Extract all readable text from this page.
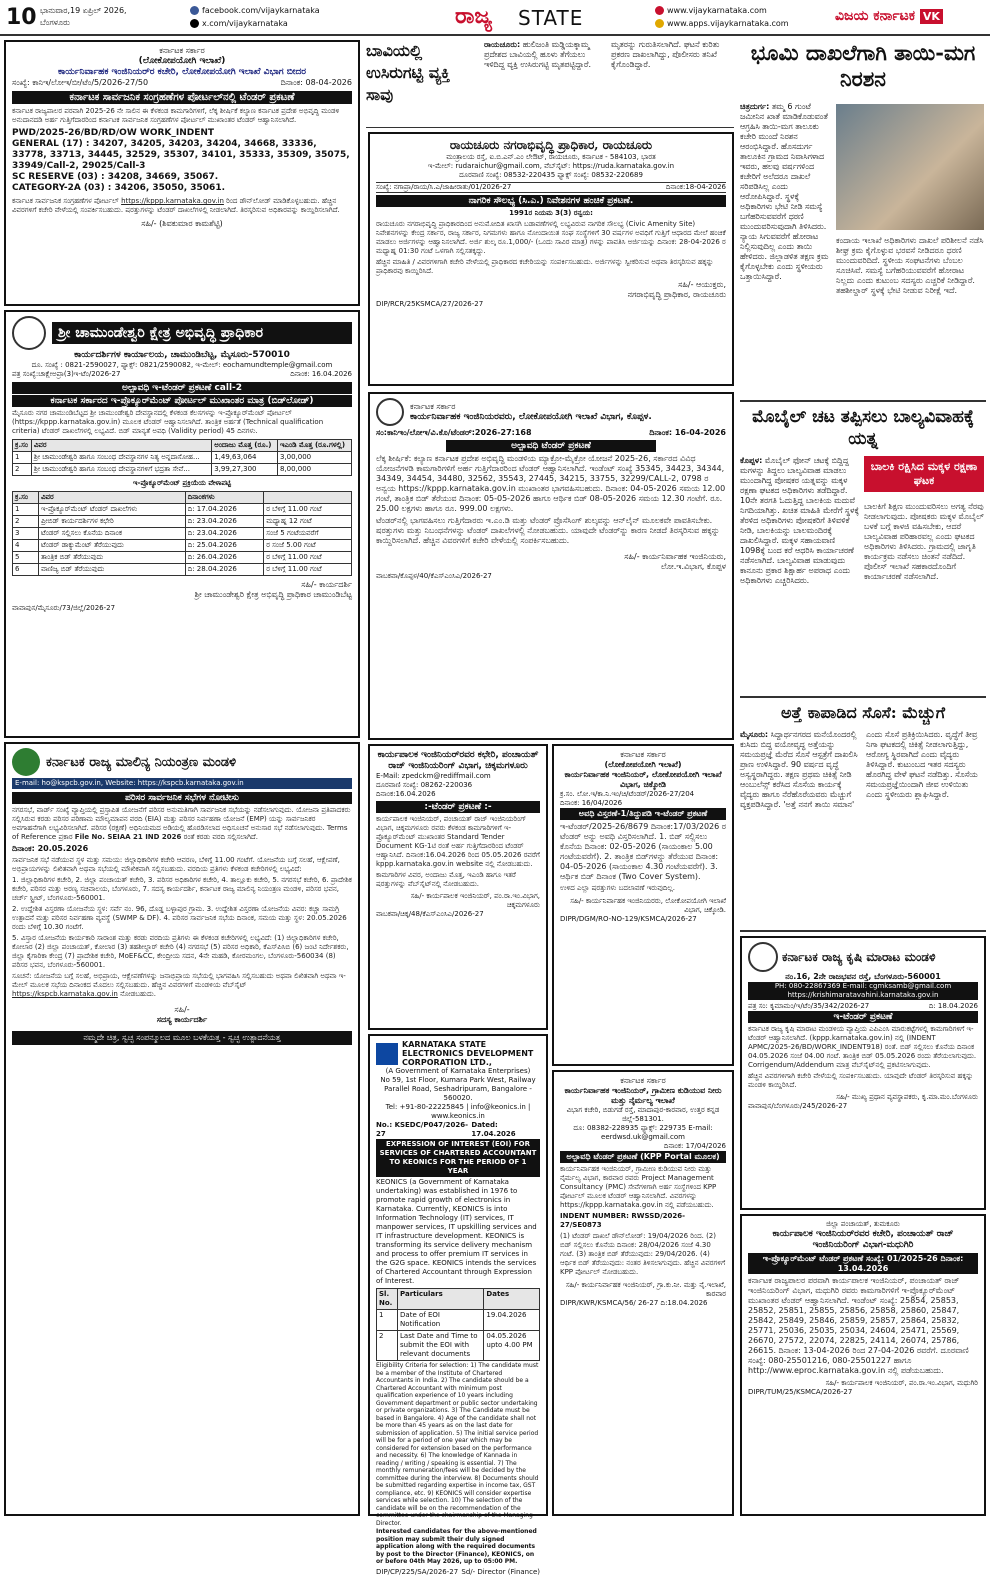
10 ಭಾನುವಾರ,19 ಏಪ್ರಿಲ್ 2026,
ಬೆಂಗಳೂರು
facebook.com/vijaykarnataka
x.com/vijaykarnataka	ರಾಜ್ಯ STATE	www.vijaykarnataka.com
www.apps.vijaykarnataka.com	ವಿಜಯ ಕರ್ನಾಟಕ VK
ಕರ್ನಾಟಕ ಸರ್ಕಾರ
(ಲೋಕೋಪಯೋಗಿ ಇಲಾಖೆ)
ಕಾರ್ಯನಿರ್ವಾಹಕ ಇಂಜಿನಿಯರ್‌ರ ಕಚೇರಿ, ಲೋಕೋಪಯೋಗಿ ಇಲಾಖೆ ವಿಭಾಗ ಬೀದರ
ಸಂಖ್ಯೆ: ಕಾನಿಇ/ಲೋಇ/ಬೀ/ಟೆಂ/5/2026-27/50	ದಿನಾಂಕ: 08-04-2026
ಕರ್ನಾಟಕ ಸಾರ್ವಜನಿಕ ಸಂಗ್ರಹಣೆಗಳ ಪೋರ್ಟಲ್‌ನಲ್ಲಿ ಟೆಂಡರ್ ಪ್ರಕಟಣೆ
ಕರ್ನಾಟಕ ರಾಜ್ಯಪಾಲರ ಪರವಾಗಿ 2025-26 ನೇ ಸಾಲಿನ ಈ ಕೆಳಕಂಡ ಕಾಮಗಾರಿಗಳಿಗೆ, ಲೆಕ್ಕ ಶೀರ್ಷಿಕೆ ಕಲ್ಯಾಣ ಕರ್ನಾಟಕ ಪ್ರದೇಶ ಅಭಿವೃದ್ಧಿ ಮಂಡಳಿ ಅನುದಾನದಡಿ ಅರ್ಹ ಗುತ್ತಿಗೆದಾರರಿಂದ ಕರ್ನಾಟಕ ಸಾರ್ವಜನಿಕ ಸಂಗ್ರಹಣೆಗಳ ಪೋರ್ಟಲ್ ಮುಖಾಂತರ ಟೆಂಡರ್ ಆಹ್ವಾನಿಸಲಾಗಿದೆ.
PWD/2025-26/BD/RD/OW WORK_INDENT
GENERAL (17) : 34207, 34205, 34203, 34204, 34668, 33336, 33778, 33713, 34445, 32529, 35307, 34101, 35333, 35309, 35075, 33949/Call-2, 29025/Call-3
SC RESERVE (03) : 34208, 34669, 35067.
CATEGORY-2A (03) : 34206, 35050, 35061.
ಕರ್ನಾಟಕ ಸಾರ್ವಜನಿಕ ಸಂಗ್ರಹಣೆಗಳ ಪೋರ್ಟಲ್ https://kppp.karnataka.gov.in ರಿಂದ ಡೌನ್‌ಲೋಡ್ ಮಾಡಿಕೊಳ್ಳಬಹುದು. ಹೆಚ್ಚಿನ ವಿವರಗಳಿಗೆ ಕಚೇರಿ ವೇಳೆಯಲ್ಲಿ ಸಂಪರ್ಕಿಸಬಹುದು. ಷರತ್ತುಗಳನ್ನು ಟೆಂಡರ್ ದಾಖಲೆಗಳಲ್ಲಿ ನೀಡಲಾಗಿದೆ. ತಿರಸ್ಕರಿಸುವ ಅಧಿಕಾರವನ್ನು ಕಾಯ್ದಿರಿಸಲಾಗಿದೆ.
ಸಹಿ/- (ಶಿವಕುಮಾರ ಕಾಮಶೆಟ್ಟಿ)
ಶ್ರೀ ಚಾಮುಂಡೇಶ್ವರಿ ಕ್ಷೇತ್ರ ಅಭಿವೃದ್ಧಿ ಪ್ರಾಧಿಕಾರ
ಕಾರ್ಯದರ್ಶಿಗಳ ಕಾರ್ಯಾಲಯ, ಚಾಮುಂಡಿಬೆಟ್ಟ, ಮೈಸೂರು-570010
ದೂ. ಸಂಖ್ಯೆ : 0821-2590027, ಫ್ಯಾಕ್ಸ್: 0821/2590082, ಇ-ಮೇಲ್: eochamundtemple@gmail.com
ಪತ್ರ ಸಂಖ್ಯೆ:ಚಾಕ್ಷೇಅಪ್ರಾ(3)ಇ-ಟೆಂ/2026-27	ದಿನಾಂಕ: 16.04.2026
ಅಲ್ಪಾವಧಿ ಇ-ಟೆಂಡರ್ ಪ್ರಕಟಣೆ call-2
ಕರ್ನಾಟಕ ಸರ್ಕಾರದ ಇ-ಪ್ರೊಕ್ಯೂರ್‌ಮೆಂಟ್ ಪೋರ್ಟಲ್ ಮುಖಾಂತರ ಮಾತ್ರ (ಬಿಡ್‌ಲೋಡ್)
ಮೈಸೂರು ನಗರ ಚಾಮುಂಡಿಬೆಟ್ಟದ ಶ್ರೀ ಚಾಮುಂಡೇಶ್ವರಿ ದೇವಸ್ಥಾನದಲ್ಲಿ ಕೆಳಕಂಡ ಕೆಲಸಗಳನ್ನು ಇ-ಪ್ರೊಕ್ಯೂರ್‌ಮೆಂಟ್ ಪೋರ್ಟಲ್ (https://kppp.karnataka.gov.in) ಮೂಲಕ ಟೆಂಡರ್ ಆಹ್ವಾನಿಸಲಾಗಿದೆ. ತಾಂತ್ರಿಕ ಅರ್ಹತೆ (Technical qualification criteria) ಟೆಂಡರ್ ದಾಖಲೆಗಳಲ್ಲಿ ಲಭ್ಯವಿದೆ. ಬಿಡ್ ಮಾನ್ಯತೆ ಅವಧಿ (Validity period) 45 ದಿನಗಳು.
ಕ್ರ.ಸಂ	ವಿವರ	ಅಂದಾಜು ಮೊತ್ತ (ರೂ.)	ಇಎಂಡಿ ಮೊತ್ತ (ರೂ.ಗಳಲ್ಲಿ)
1	ಶ್ರೀ ಚಾಮುಂಡೇಶ್ವರಿ ಹಾಗೂ ಸಂಬಂಧ ದೇವಸ್ಥಾನಗಳ ನಿತ್ಯ ಅನ್ನದಾಸೋಹ...	1,49,63,064	3,00,000
2	ಶ್ರೀ ಚಾಮುಂಡೇಶ್ವರಿ ಹಾಗೂ ಸಂಬಂಧ ದೇವಸ್ಥಾನಗಳಿಗೆ ಭದ್ರತಾ ಸೇವೆ...	3,99,27,300	8,00,000
ಇ-ಪ್ರೊಕ್ಯೂರ್‌ಮೆಂಟ್ ಪ್ರಕ್ರಿಯೆಯ ವೇಳಾಪಟ್ಟಿ
ಕ್ರ.ಸಂ	ವಿವರ	ದಿನಾಂಕಗಳು	
1	ಇ-ಪ್ರೊಕ್ಯೂರ್‌ಮೆಂಟ್ ಟೆಂಡರ್ ದಾಖಲೆಗಳು	ದಿ: 17.04.2026	ರ ಬೆಳಿಗ್ಗೆ 11.00 ಗಂಟೆ
2	ಪ್ರೀಬಿಡ್ ಕಾರ್ಯದರ್ಶಿಗಳ ಕಛೇರಿ	ದಿ: 23.04.2026	ಮಧ್ಯಾಹ್ನ 12 ಗಂಟೆ
3	ಟೆಂಡರ್ ಸಲ್ಲಿಸಲು ಕೊನೆಯ ದಿನಾಂಕ	ದಿ: 23.04.2026	ಸಂಜೆ 5 ಗಂಟೆಯವರೆಗೆ
4	ಟೆಂಡರ್ ಡಾಕ್ಯುಮೆಂಟ್ ತೆರೆಯುವುದು	ದಿ: 25.04.2026	ರ ಸಂಜೆ 5.00 ಗಂಟೆ
5	ತಾಂತ್ರಿಕ ಬಿಡ್ ತೆರೆಯುವುದು	ದಿ: 26.04.2026	ರ ಬೆಳಿಗ್ಗೆ 11.00 ಗಂಟೆ
6	ವಾಣಿಜ್ಯ ಬಿಡ್ ತೆರೆಯುವುದು	ದಿ: 28.04.2026	ರ ಬೆಳಿಗ್ಗೆ 11.00 ಗಂಟೆ
ಸಹಿ/- ಕಾರ್ಯದರ್ಶಿ
ಶ್ರೀ ಚಾಮುಂಡೇಶ್ವರಿ ಕ್ಷೇತ್ರ ಅಭಿವೃದ್ಧಿ ಪ್ರಾಧಿಕಾರ ಚಾಮುಂಡಿಬೆಟ್ಟ
ವಾವಾಪುಸ/ಮೈಸೂರು/73/ಜಿಲ್ಲೆ/2026-27
ಕರ್ನಾಟಕ ರಾಜ್ಯ ಮಾಲಿನ್ಯ ನಿಯಂತ್ರಣ ಮಂಡಳಿ
E-mail: ho@kspcb.gov.in, Website: https://kspcb.karnataka.gov.in
ಪರಿಸರ ಸಾರ್ವಜನಿಕ ಸಭೆಗಳ ನೋಟೀಸು
ನಗರಸಭೆ, ವಾರ್ಡ್ ಸಂಖ್ಯೆ ವ್ಯಾಪ್ತಿಯಲ್ಲಿ ಪ್ರಸ್ತಾಪಿತ ಯೋಜನೆಗೆ ಪರಿಸರ ಅನುಮತಿಗಾಗಿ ಸಾರ್ವಜನಿಕ ಸಭೆಯನ್ನು ನಡೆಸಲಾಗುವುದು. ಯೋಜನಾ ಪ್ರತಿಪಾದಕರು ಸಲ್ಲಿಸಿರುವ ಕರಡು ಪರಿಸರ ಪರಿಣಾಮ ಮೌಲ್ಯಮಾಪನ ವರದಿ (EIA) ಮತ್ತು ಪರಿಸರ ನಿರ್ವಹಣಾ ಯೋಜನೆ (EMP) ಯನ್ನು ಸಾರ್ವಜನಿಕರ ಅವಗಾಹನೆಗಾಗಿ ಲಭ್ಯವಿರಿಸಲಾಗಿದೆ. ಪರಿಸರ (ರಕ್ಷಣೆ) ಅಧಿನಿಯಮದ ಅಡಿಯಲ್ಲಿ ಹೊರಡಿಸಲಾದ ಅಧಿಸೂಚನೆ ಅನುಸಾರ ಸಭೆ ನಡೆಸಲಾಗುವುದು. Terms of Reference ಪ್ರಕಾರ File No. SEIAA 21 IND 2026 ರಂತೆ ಕರಡು ವರದಿ ಸಲ್ಲಿಸಲಾಗಿದೆ.
ದಿನಾಂಕ: 20.05.2026
ಸಾರ್ವಜನಿಕ ಸಭೆ ನಡೆಯುವ ಸ್ಥಳ ಮತ್ತು ಸಮಯ: ಜಿಲ್ಲಾಧಿಕಾರಿಗಳ ಕಚೇರಿ ಆವರಣ, ಬೆಳಿಗ್ಗೆ 11.00 ಗಂಟೆಗೆ. ಯೋಜನೆಯ ಬಗ್ಗೆ ಸಲಹೆ, ಆಕ್ಷೇಪಣೆ, ಅಭಿಪ್ರಾಯಗಳನ್ನು ಲಿಖಿತವಾಗಿ ಅಥವಾ ಸಭೆಯಲ್ಲಿ ಮೌಖಿಕವಾಗಿ ಸಲ್ಲಿಸಬಹುದು. ವರದಿಯ ಪ್ರತಿಗಳು ಕೆಳಕಂಡ ಕಚೇರಿಗಳಲ್ಲಿ ಲಭ್ಯವಿದೆ:
1. ಜಿಲ್ಲಾಧಿಕಾರಿಗಳ ಕಚೇರಿ, 2. ಜಿಲ್ಲಾ ಪಂಚಾಯತ್ ಕಚೇರಿ, 3. ಪರಿಸರ ಅಧಿಕಾರಿಗಳ ಕಚೇರಿ, 4. ತಾಲ್ಲೂಕು ಕಚೇರಿ, 5. ನಗರಸಭೆ ಕಚೇರಿ, 6. ಪ್ರಾದೇಶಿಕ ಕಚೇರಿ, ಪರಿಸರ ಮತ್ತು ಅರಣ್ಯ ಸಚಿವಾಲಯ, ಬೆಂಗಳೂರು, 7. ಸದಸ್ಯ ಕಾರ್ಯದರ್ಶಿ, ಕರ್ನಾಟಕ ರಾಜ್ಯ ಮಾಲಿನ್ಯ ನಿಯಂತ್ರಣ ಮಂಡಳಿ, ಪರಿಸರ ಭವನ, ಚರ್ಚ್ ಸ್ಟ್ರೀಟ್, ಬೆಂಗಳೂರು-560001.
2. ಉದ್ದೇಶಿತ ವಿಸ್ತರಣಾ ಯೋಜನೆಯ ಸ್ಥಳ: ಸರ್ವೆ ನಂ. 96, ದೊಡ್ಡ ಬಳ್ಳಾಪುರ ಗ್ರಾಮ. 3. ಉದ್ದೇಶಿತ ವಿಸ್ತರಣಾ ಯೋಜನೆಯ ವಿವರ: ಕಚ್ಚಾ ಸಾಮಗ್ರಿ ಉತ್ಪಾದನೆ ಮತ್ತು ಪರಿಸರ ನಿರ್ವಹಣಾ ವ್ಯವಸ್ಥೆ (SWMP & DF). 4. ಪರಿಸರ ಸಾರ್ವಜನಿಕ ಸಭೆಯ ದಿನಾಂಕ, ಸಮಯ ಮತ್ತು ಸ್ಥಳ: 20.05.2026 ರಂದು ಬೆಳಿಗ್ಗೆ 10.30 ಗಂಟೆಗೆ.
5. ವಿಸ್ತಾರ ಯೋಜನೆಯ ಕಾರ್ಯಕಾರಿ ಸಾರಾಂಶ ಮತ್ತು ಕರಡು ವರದಿಯ ಪ್ರತಿಗಳು ಈ ಕೆಳಕಂಡ ಕಚೇರಿಗಳಲ್ಲಿ ಲಭ್ಯವಿದೆ: (1) ಜಿಲ್ಲಾಧಿಕಾರಿಗಳ ಕಚೇರಿ, ಕೋಲಾರ (2) ಜಿಲ್ಲಾ ಪಂಚಾಯತ್, ಕೋಲಾರ (3) ತಹಶೀಲ್ದಾರ್ ಕಚೇರಿ (4) ನಗರಸಭೆ (5) ಪರಿಸರ ಅಧಿಕಾರಿ, ಕೆಎಸ್‌ಪಿಸಿಬಿ (6) ಜಂಟಿ ನಿರ್ದೇಶಕರು, ಜಿಲ್ಲಾ ಕೈಗಾರಿಕಾ ಕೇಂದ್ರ (7) ಪ್ರಾದೇಶಿಕ ಕಚೇರಿ, MoEF&CC, ಕೇಂದ್ರೀಯ ಸದನ, 4ನೇ ಮಹಡಿ, ಕೋರಮಂಗಲ, ಬೆಂಗಳೂರು-560034 (8) ಪರಿಸರ ಭವನ, ಬೆಂಗಳೂರು-560001.
ಸೂಚನೆ: ಯೋಜನೆಯ ಬಗ್ಗೆ ಸಲಹೆ, ಅಭಿಪ್ರಾಯ, ಆಕ್ಷೇಪಣೆಗಳನ್ನು ಜನಾಭಿಪ್ರಾಯ ಸಭೆಯಲ್ಲಿ ಭಾಗವಹಿಸಿ ಸಲ್ಲಿಸಬಹುದು ಅಥವಾ ಲಿಖಿತವಾಗಿ ಅಥವಾ ಇ-ಮೇಲ್ ಮೂಲಕ ಸಭೆಯ ದಿನಾಂಕದ ಮೊದಲು ಸಲ್ಲಿಸಬಹುದು. ಹೆಚ್ಚಿನ ವಿವರಗಳಿಗೆ ಮಂಡಳಿಯ ವೆಬ್‌ಸೈಟ್ https://kspcb.karnataka.gov.in ನೋಡಬಹುದು.
ಸಹಿ/-
ಸದಸ್ಯ ಕಾರ್ಯದರ್ಶಿ
ನಮ್ಮದೇ ಚಿತ್ರ, ಸ್ವಚ್ಛ ಸಂಪನ್ಮೂಲದ ಮೂಲ ಬಳಕೆಯತ್ತ - ಸ್ವಚ್ಛ ಉತ್ಪಾದನೆಯತ್ತ
ಬಾವಿಯಲ್ಲಿ ಉಸಿರುಗಟ್ಟಿ ವ್ಯಕ್ತಿ ಸಾವು
ರಾಯಚೂರು: ಹುಲಿಜಂತಿ ಮಡ್ಡಿಯಕ್ಕಾಮ್ಮ ಪ್ರದೇಶದ ಬಾವಿಯಲ್ಲಿ ಹೂಳು ತೆಗೆಯಲು ಇಳಿದಿದ್ದ ವ್ಯಕ್ತಿ ಉಸಿರುಗಟ್ಟಿ ಮೃತಪಟ್ಟಿದ್ದಾರೆ. ಮೃತರನ್ನು ಗುರುತಿಸಲಾಗಿದೆ. ಘಟನೆ ಕುರಿತು ಪ್ರಕರಣ ದಾಖಲಾಗಿದ್ದು, ಪೊಲೀಸರು ತನಿಖೆ ಕೈಗೊಂಡಿದ್ದಾರೆ.
ರಾಯಚೂರು ನಗರಾಭಿವೃದ್ಧಿ ಪ್ರಾಧಿಕಾರ, ರಾಯಚೂರು
ಮಂತ್ರಾಲಯ ರಸ್ತೆ, ಐ.ಬಿ.ಎನ್.ಎಂ ಲೇಔಟ್, ರಾಯಚೂರು, ಕರ್ನಾಟಕ - 584103, ಭಾರತ
ಇ-ಮೇಲ್: rudaraichur@gmail.com, ವೆಬ್‌ಸೈಟ್: https://ruda.karnataka.gov.in
ದೂರವಾಣಿ ಸಂಖ್ಯೆ: 08532-220435 ಫ್ಯಾಕ್ಸ್ ಸಂಖ್ಯೆ: 08532-220689
ಸಂಖ್ಯೆ: ನಗಾಪ್ರಾ/ರಾಯ/ಸಿ.ಎ/ಜಾಹೀರಾತು/01/2026-27	ದಿನಾಂಕ:18-04-2026
ನಾಗರಿಕ ಸೌಲಭ್ಯ (ಸಿ.ಎ.) ನಿವೇಶನಗಳ ಹಂಚಿಕೆ ಪ್ರಕಟಣೆ.
1991ರ ನಿಯಮ 3(3) ರನ್ವಯ:
ರಾಯಚೂರು ನಗರಾಭಿವೃದ್ಧಿ ಪ್ರಾಧಿಕಾರದಿಂದ ಅನುಮೋದಿತ ಖಾಸಗಿ ಬಡಾವಣೆಗಳಲ್ಲಿ ಲಭ್ಯವಿರುವ ನಾಗರಿಕ ಸೌಲಭ್ಯ (Civic Amenity Site) ನಿವೇಶನಗಳನ್ನು ಕೇಂದ್ರ ಸರ್ಕಾರ, ರಾಜ್ಯ ಸರ್ಕಾರ, ನಿಗಮಗಳು ಹಾಗೂ ನೋಂದಾಯಿತ ಸಂಘ ಸಂಸ್ಥೆಗಳಿಗೆ 30 ವರ್ಷಗಳ ಅವಧಿಗೆ ಗುತ್ತಿಗೆ ಆಧಾರದ ಮೇಲೆ ಹಂಚಿಕೆ ಮಾಡಲು ಅರ್ಜಿಗಳನ್ನು ಆಹ್ವಾನಿಸಲಾಗಿದೆ. ಅರ್ಜಿ ಶುಲ್ಕ ರೂ.1,000/- (ಒಂದು ಸಾವಿರ ಮಾತ್ರ) ಗಳನ್ನು ಪಾವತಿಸಿ ಅರ್ಜಿಯನ್ನು ದಿನಾಂಕ: 28-04-2026 ರ ಮಧ್ಯಾಹ್ನ 01:30 ಗಂಟೆ ಒಳಗಾಗಿ ಸಲ್ಲಿಸತಕ್ಕದ್ದು.
ಹೆಚ್ಚಿನ ಮಾಹಿತಿ / ವಿವರಗಳಿಗಾಗಿ ಕಚೇರಿ ವೇಳೆಯಲ್ಲಿ ಪ್ರಾಧಿಕಾರದ ಕಚೇರಿಯನ್ನು ಸಂಪರ್ಕಿಸಬಹುದು. ಅರ್ಜಿಗಳನ್ನು ಸ್ವೀಕರಿಸುವ ಅಥವಾ ತಿರಸ್ಕರಿಸುವ ಹಕ್ಕನ್ನು ಪ್ರಾಧಿಕಾರವು ಕಾಯ್ದಿರಿಸಿದೆ.
ಸಹಿ/- ಆಯುಕ್ತರು,
ನಗರಾಭಿವೃದ್ಧಿ ಪ್ರಾಧಿಕಾರ, ರಾಯಚೂರು
DIP/RCR/25KSMCA/27/2026-27
ಕರ್ನಾಟಕ ಸರ್ಕಾರ
ಕಾರ್ಯನಿರ್ವಾಹಕ ಇಂಜಿನಿಯರವರು, ಲೋಕೋಪಯೋಗಿ ಇಲಾಖೆ ವಿಭಾಗ, ಕೊಪ್ಪಳ.
ಸಂ:ಕಾನಿಇಂ/ಲೋಇ/ವಿ.ಕೊ/ಟೆಂಡರ್:2026-27:168	ದಿನಾಂಕ: 16-04-2026
ಅಲ್ಪಾವಧಿ ಟೆಂಡರ್ ಪ್ರಕಟಣೆ
ಲೆಕ್ಕ ಶೀರ್ಷಿಕೆ: ಕಲ್ಯಾಣ ಕರ್ನಾಟಕ ಪ್ರದೇಶ ಅಭಿವೃದ್ಧಿ ಮಂಡಳಿಯ ಮ್ಯಾಕ್ರೋ-ಮೈಕ್ರೋ ಯೋಜನೆ 2025-26, ಸರ್ಕಾರದ ವಿವಿಧ ಯೋಜನೆಗಳಡಿ ಕಾಮಗಾರಿಗಳಿಗೆ ಅರ್ಹ ಗುತ್ತಿಗೆದಾರರಿಂದ ಟೆಂಡರ್ ಆಹ್ವಾನಿಸಲಾಗಿದೆ. ಇಂಡೆಂಟ್ ಸಂಖ್ಯೆ 35345, 34423, 34344, 34349, 34454, 34480, 32562, 35543, 27445, 34215, 33755, 32299/CALL-2, 0798 ರ ಅನ್ವಯ https://kppp.karnataka.gov.in ಮುಖಾಂತರ ಭಾಗವಹಿಸಬಹುದು. ದಿನಾಂಕ: 04-05-2026 ಸಮಯ 12.00 ಗಂಟೆ, ತಾಂತ್ರಿಕ ಬಿಡ್ ತೆರೆಯುವ ದಿನಾಂಕ: 05-05-2026 ಹಾಗೂ ಆರ್ಥಿಕ ಬಿಡ್ 08-05-2026 ಸಮಯ 12.30 ಗಂಟೆಗೆ. ರೂ. 25.00 ಲಕ್ಷಗಳು ಹಾಗೂ ರೂ. 999.00 ಲಕ್ಷಗಳು.
ಟೆಂಡರ್‌ನಲ್ಲಿ ಭಾಗವಹಿಸಲು ಗುತ್ತಿಗೆದಾರರು ಇ.ಎಂ.ಡಿ ಮತ್ತು ಟೆಂಡರ್ ಪ್ರೊಸೆಸಿಂಗ್ ಶುಲ್ಕವನ್ನು ಆನ್‌ಲೈನ್ ಮೂಲಕವೇ ಪಾವತಿಸಬೇಕು. ಷರತ್ತುಗಳು ಮತ್ತು ನಿಬಂಧನೆಗಳನ್ನು ಟೆಂಡರ್ ದಾಖಲೆಗಳಲ್ಲಿ ನೋಡಬಹುದು. ಯಾವುದೇ ಟೆಂಡರ್‌ನ್ನು ಕಾರಣ ನೀಡದೆ ತಿರಸ್ಕರಿಸುವ ಹಕ್ಕನ್ನು ಕಾಯ್ದಿರಿಸಲಾಗಿದೆ. ಹೆಚ್ಚಿನ ವಿವರಗಳಿಗೆ ಕಚೇರಿ ವೇಳೆಯಲ್ಲಿ ಸಂಪರ್ಕಿಸಬಹುದು.
ಸಹಿ/- ಕಾರ್ಯನಿರ್ವಾಹಕ ಇಂಜಿನಿಯರು,
ಲೋ.ಇ.ವಿಭಾಗ, ಕೊಪ್ಪಳ
ವಾಬಕವಾ/ಕೊಪ್ಪಳ/40/ಕೆಎಸ್‌ಎಂಸಿಎ/2026-27
ಕಾರ್ಯಪಾಲಕ ಇಂಜಿನಿಯರ್‌ರವರ ಕಛೇರಿ, ಪಂಚಾಯತ್ ರಾಜ್ ಇಂಜಿನಿಯರಿಂಗ್ ವಿಭಾಗ, ಚಿಕ್ಕಮಗಳೂರು
E-Mail: zpedckm@rediffmail.com
ದೂರವಾಣಿ ಸಂಖ್ಯೆ: 08262-220036
ದಿನಾಂಕ:16.04.2026
:-ಟೆಂಡರ್ ಪ್ರಕಟಣೆ :-
ಕಾರ್ಯಪಾಲಕ ಇಂಜಿನಿಯರ್, ಪಂಚಾಯತ್ ರಾಜ್ ಇಂಜಿನಿಯರಿಂಗ್ ವಿಭಾಗ, ಚಿಕ್ಕಮಗಳೂರು ರವರು ಕೆಳಕಂಡ ಕಾಮಗಾರಿಗಳಿಗೆ ಇ-ಪ್ರೊಕ್ಯೂರ್‌ಮೆಂಟ್ ಮುಖಾಂತರ Standard Tender Document KG-1ಟಿ ರಂತೆ ಅರ್ಹ ಗುತ್ತಿಗೆದಾರರಿಂದ ಟೆಂಡರ್ ಆಹ್ವಾನಿಸಿದೆ. ದಿನಾಂಕ:16.04.2026 ರಿಂದ 05.05.2026 ರವರೆಗೆ kppp.karnataka.gov.in website ನಲ್ಲಿ ನೋಡಬಹುದು.
ಕಾಮಗಾರಿಗಳ ವಿವರ, ಅಂದಾಜು ಮೊತ್ತ, ಇಎಂಡಿ ಹಾಗೂ ಇತರೆ ಷರತ್ತುಗಳನ್ನು ವೆಬ್‌ಸೈಟ್‌ನಲ್ಲಿ ನೋಡಬಹುದು.
ಸಹಿ/- ಕಾರ್ಯಪಾಲಕ ಇಂಜಿನಿಯರ್, ಪಂ.ರಾ.ಇಂ.ವಿಭಾಗ, ಚಿಕ್ಕಮಗಳೂರು
ವಾಬಕವಾ/ಚಿಕ್ಕ/48/ಕೆಎಸ್‌ಎಂಸಿಎ/2026-27
KARNATAKA STATE ELECTRONICS DEVELOPMENT CORPORATION LTD.,
(A Government of Karnataka Enterprises)
No 59, 1st Floor, Kumara Park West, Railway Parallel Road, Seshadripuram, Bangalore - 560020.
Tel: +91-80-22225845 | info@keonics.in | www.keonics.in
No.: KSEDC/P047/2026-27
Dated: 17.04.2026
EXPRESSION OF INTEREST (EOI) FOR SERVICES OF CHARTERED ACCOUNTANT TO KEONICS FOR THE PERIOD OF 1 YEAR
KEONICS (a Government of Karnataka undertaking) was established in 1976 to promote rapid growth of electronics in Karnataka. Currently, KEONICS is into Information Technology (IT) services, IT manpower services, IT upskilling services and IT infrastructure development. KEONICS is transforming its service delivery mechanism and process to offer premium IT services in the G2G space. KEONICS intends the services of Chartered Accountant through Expression of Interest.
Sl. No.	Particulars	Dates
1	Date of EOI Notification	19.04.2026
2	Last Date and Time to submit the EOI with relevant documents	04.05.2026 upto 4.00 PM
Eligibility Criteria for selection: 1) The candidate must be a member of the Institute of Chartered Accountants in India. 2) The candidate should be a Chartered Accountant with minimum post qualification experience of 10 years including Government department or public sector undertaking or private organizations. 3) The Candidate must be based in Bangalore. 4) Age of the candidate shall not be more than 45 years as on the last date for submission of application. 5) The initial service period will be for a period of one year which may be considered for extension based on the performance and necessity. 6) The knowledge of Kannada in reading / writing / speaking is essential. 7) The monthly remuneration/fees will be decided by the committee during the interview. 8) Documents should be submitted regarding expertise in income tax, GST compliance, etc. 9) KEONICS will consider expertise services while selection. 10) The selection of the candidate will be on the recommendation of the committee under the chairmanship of the Managing Director.
Interested candidates for the above-mentioned position may submit their duly signed application along with the required documents by post to the Director (Finance), KEONICS, on or before 04th May 2026, up to 05:00 PM.
DIP/CP/225/SA/2026-27 Sd/- Director (Finance)
ಕರ್ನಾಟಕ ಸರ್ಕಾರ
(ಲೋಕೋಪಯೋಗಿ ಇಲಾಖೆ)
ಕಾರ್ಯನಿರ್ವಾಹಕ ಇಂಜಿನಿಯರ್, ಲೋಕೋಪಯೋಗಿ ಇಲಾಖೆ ವಿಭಾಗ, ಚಿಕ್ಕೋಡಿ
ಕ್ರ.ಸಂ. ಲೋ.ಇ/ಕಾ.ನಿ.ಇಂ/ಚಿ/ಟೆಂಡರ್/2026-27/204
ದಿನಾಂಕ: 16/04/2026
ಅವಧಿ ವಿಸ್ತರಣೆ-1/ತಿದ್ದುಪಡಿ ಇ-ಟೆಂಡರ್ ಪ್ರಕಟಣೆ
ಇ-ಟೆಂಡರ್/2025-26/8679 ದಿನಾಂಕ:17/03/2026 ರ ಟೆಂಡರ್ ಅನ್ನು ಅವಧಿ ವಿಸ್ತರಿಸಲಾಗಿದೆ. 1. ಬಿಡ್ ಸಲ್ಲಿಸಲು ಕೊನೆಯ ದಿನಾಂಕ: 02-05-2026 (ಸಾಯಂಕಾಲ 5.00 ಗಂಟೆಯವರೆಗೆ). 2. ತಾಂತ್ರಿಕ ಬಿಡ್‌ಗಳನ್ನು ತೆರೆಯುವ ದಿನಾಂಕ: 04-05-2026 (ಸಾಯಂಕಾಲ 4.30 ಗಂಟೆಯವರೆಗೆ). 3. ಆರ್ಥಿಕ ಬಿಡ್ ದಿನಾಂಕ (Two Cover System).
ಉಳಿದ ಎಲ್ಲಾ ಷರತ್ತುಗಳು ಬದಲಾವಣೆ ಇರುವುದಿಲ್ಲ.
ಸಹಿ/- ಕಾರ್ಯನಿರ್ವಾಹಕ ಇಂಜಿನಿಯರರು, ಲೋಕೋಪಯೋಗಿ ಇಲಾಖೆ ವಿಭಾಗ, ಚಿಕ್ಕೋಡಿ.
DIPR/DGM/RO-NO-129/KSMCA/2026-27
ಕರ್ನಾಟಕ ಸರ್ಕಾರ
ಕಾರ್ಯನಿರ್ವಾಹಕ ಇಂಜಿನಿಯರ್, ಗ್ರಾಮೀಣ ಕುಡಿಯುವ ನೀರು ಮತ್ತು ನೈರ್ಮಲ್ಯ ಇಲಾಖೆ
ವಿಭಾಗ ಕಚೇರಿ, ಬಿಡುಗಡೆ ರಸ್ತೆ, ಮಾದಾಪುರ-ಕಾರವಾರ, ಉತ್ತರ ಕನ್ನಡ ಜಿಲ್ಲೆ-581301.
ದೂ: 08382-228935 ಫ್ಯಾಕ್ಸ್: 229735 E-mail: eerdwsd.uk@gmail.com
ದಿನಾಂಕ: 17/04/2026
ಅಲ್ಪಾವಧಿ ಟೆಂಡರ್ ಪ್ರಕಟಣೆ (KPP Portal ಮೂಲಕ)
ಕಾರ್ಯನಿರ್ವಾಹಕ ಇಂಜಿನಿಯರ್, ಗ್ರಾಮೀಣ ಕುಡಿಯುವ ನೀರು ಮತ್ತು ನೈರ್ಮಲ್ಯ ವಿಭಾಗ, ಕಾರವಾರ ರವರು Project Management Consultancy (PMC) ಸೇವೆಗಳಿಗಾಗಿ ಅರ್ಹ ಸಂಸ್ಥೆಗಳಿಂದ KPP ಪೋರ್ಟಲ್ ಮೂಲಕ ಟೆಂಡರ್ ಆಹ್ವಾನಿಸಲಾಗಿದೆ. ವಿವರಗಳನ್ನು https://kppp.karnataka.gov.in ನಲ್ಲಿ ಪಡೆಯಬಹುದು.
INDENT NUMBER: RWSSD/2026-27/SE0873
(1) ಟೆಂಡರ್ ದಾಖಲೆ ಡೌನ್‌ಲೋಡ್: 19/04/2026 ರಿಂದ. (2) ಬಿಡ್ ಸಲ್ಲಿಸಲು ಕೊನೆಯ ದಿನಾಂಕ: 28/04/2026 ಸಂಜೆ 4.30 ಗಂಟೆ. (3) ತಾಂತ್ರಿಕ ಬಿಡ್ ತೆರೆಯುವುದು: 29/04/2026. (4) ಆರ್ಥಿಕ ಬಿಡ್ ತೆರೆಯುವುದು: ನಂತರ ತಿಳಿಸಲಾಗುವುದು. ಹೆಚ್ಚಿನ ವಿವರಗಳಿಗೆ KPP ಪೋರ್ಟಲ್ ನೋಡಬಹುದು.
ಸಹಿ/- ಕಾರ್ಯನಿರ್ವಾಹಕ ಇಂಜಿನಿಯರ್, ಗ್ರಾ.ಕು.ನೀ. ಮತ್ತು ನೈ.ಇಲಾಖೆ, ಕಾರವಾರ
DIPR/KWR/KSMCA/56/ 26-27 ದಿ:18.04.2026
ಭೂಮಿ ದಾಖಲೆಗಾಗಿ ತಾಯಿ-ಮಗ ನಿರಶನ
ಚಿತ್ರದುರ್ಗ: ತಮ್ಮ 6 ಗುಂಟೆ ಜಮೀನಿನ ಖಾತೆ ಮಾಡಿಕೊಡುವಂತೆ ಆಗ್ರಹಿಸಿ ತಾಯಿ-ಮಗ ತಾಲೂಕು ಕಚೇರಿ ಮುಂದೆ ನಿರಶನ ಆರಂಭಿಸಿದ್ದಾರೆ. ಹೊಸದುರ್ಗ ತಾಲೂಕಿನ ಗ್ರಾಮದ ನಿವಾಸಿಗಳಾದ ಇವರು, ಹಲವು ವರ್ಷಗಳಿಂದ ಕಚೇರಿಗೆ ಅಲೆದರೂ ದಾಖಲೆ ಸರಿಪಡಿಸಿಲ್ಲ ಎಂದು ಆರೋಪಿಸಿದ್ದಾರೆ. ಸ್ಥಳಕ್ಕೆ ಅಧಿಕಾರಿಗಳು ಭೇಟಿ ನೀಡಿ ಸಮಸ್ಯೆ ಬಗೆಹರಿಸುವವರೆಗೆ ಧರಣಿ ಮುಂದುವರಿಸುವುದಾಗಿ ತಿಳಿಸಿದರು. ನ್ಯಾಯ ಸಿಗುವವರೆಗೆ ಹೋರಾಟ ನಿಲ್ಲಿಸುವುದಿಲ್ಲ ಎಂದು ತಾಯಿ ಹೇಳಿದರು. ಜಿಲ್ಲಾಡಳಿತ ತಕ್ಷಣ ಕ್ರಮ ಕೈಗೊಳ್ಳಬೇಕು ಎಂದು ಸ್ಥಳೀಯರು ಒತ್ತಾಯಿಸಿದ್ದಾರೆ.
ಕಂದಾಯ ಇಲಾಖೆ ಅಧಿಕಾರಿಗಳು ದಾಖಲೆ ಪರಿಶೀಲನೆ ನಡೆಸಿ ಶೀಘ್ರ ಕ್ರಮ ಕೈಗೊಳ್ಳುವ ಭರವಸೆ ನೀಡಿದರೂ ಧರಣಿ ಮುಂದುವರಿದಿದೆ. ಸ್ಥಳೀಯ ಸಂಘಟನೆಗಳು ಬೆಂಬಲ ಸೂಚಿಸಿವೆ. ಸಮಸ್ಯೆ ಬಗೆಹರಿಯುವವರೆಗೆ ಹೋರಾಟ ನಿಲ್ಲದು ಎಂದು ಕುಟುಂಬ ಸದಸ್ಯರು ಎಚ್ಚರಿಕೆ ನೀಡಿದ್ದಾರೆ. ತಹಶೀಲ್ದಾರ್ ಸ್ಥಳಕ್ಕೆ ಭೇಟಿ ನೀಡುವ ನಿರೀಕ್ಷೆ ಇದೆ.
ಮೊಬೈಲ್ ಚಟ ತಪ್ಪಿಸಲು ಬಾಲ್ಯವಿವಾಹಕ್ಕೆ ಯತ್ನ
ಕೊಪ್ಪಳ: ಮೊಬೈಲ್ ಫೋನ್ ಚಟಕ್ಕೆ ಬಿದ್ದಿದ್ದ ಮಗಳನ್ನು ತಿದ್ದಲು ಬಾಲ್ಯವಿವಾಹ ಮಾಡಲು ಮುಂದಾಗಿದ್ದ ಪೋಷಕರ ಯತ್ನವನ್ನು ಮಕ್ಕಳ ರಕ್ಷಣಾ ಘಟಕದ ಅಧಿಕಾರಿಗಳು ತಡೆದಿದ್ದಾರೆ. 10ನೇ ತರಗತಿ ಓದುತ್ತಿದ್ದ ಬಾಲಕಿಯ ಮದುವೆ ನಿಗದಿಯಾಗಿತ್ತು. ಖಚಿತ ಮಾಹಿತಿ ಮೇರೆಗೆ ಸ್ಥಳಕ್ಕೆ ತೆರಳಿದ ಅಧಿಕಾರಿಗಳು ಪೋಷಕರಿಗೆ ತಿಳಿವಳಿಕೆ ನೀಡಿ, ಬಾಲಕಿಯನ್ನು ಬಾಲಮಂದಿರಕ್ಕೆ ದಾಖಲಿಸಿದ್ದಾರೆ. ಮಕ್ಕಳ ಸಹಾಯವಾಣಿ 1098ಕ್ಕೆ ಬಂದ ಕರೆ ಆಧರಿಸಿ ಕಾರ್ಯಾಚರಣೆ ನಡೆಸಲಾಗಿದೆ. ಬಾಲ್ಯವಿವಾಹ ಮಾಡುವುದು ಕಾನೂನು ಪ್ರಕಾರ ಶಿಕ್ಷಾರ್ಹ ಅಪರಾಧ ಎಂದು ಅಧಿಕಾರಿಗಳು ಎಚ್ಚರಿಸಿದರು.
ಬಾಲಕಿ ರಕ್ಷಿಸಿದ ಮಕ್ಕಳ ರಕ್ಷಣಾ ಘಟಕ
ಬಾಲಕಿಗೆ ಶಿಕ್ಷಣ ಮುಂದುವರಿಸಲು ಅಗತ್ಯ ನೆರವು ನೀಡಲಾಗುವುದು. ಪೋಷಕರು ಮಕ್ಕಳ ಮೊಬೈಲ್ ಬಳಕೆ ಬಗ್ಗೆ ಕಾಳಜಿ ವಹಿಸಬೇಕು, ಆದರೆ ಬಾಲ್ಯವಿವಾಹ ಪರಿಹಾರವಲ್ಲ ಎಂದು ಘಟಕದ ಅಧಿಕಾರಿಗಳು ತಿಳಿಸಿದರು. ಗ್ರಾಮದಲ್ಲಿ ಜಾಗೃತಿ ಕಾರ್ಯಕ್ರಮ ನಡೆಸಲು ಚಿಂತನೆ ನಡೆದಿದೆ. ಪೊಲೀಸ್ ಇಲಾಖೆ ಸಹಕಾರದೊಂದಿಗೆ ಕಾರ್ಯಾಚರಣೆ ನಡೆಸಲಾಗಿದೆ.
ಅತ್ತೆ ಕಾಪಾಡಿದ ಸೊಸೆ: ಮೆಚ್ಚುಗೆ
ಮೈಸೂರು: ಸಿದ್ದಾರ್ಥನಗರದ ಮನೆಯೊಂದರಲ್ಲಿ ಕುಸಿದು ಬಿದ್ದ ವಯೋವೃದ್ಧ ಅತ್ತೆಯನ್ನು ಸಮಯಪ್ರಜ್ಞೆ ಮೆರೆದ ಸೊಸೆ ಆಸ್ಪತ್ರೆಗೆ ದಾಖಲಿಸಿ ಪ್ರಾಣ ಉಳಿಸಿದ್ದಾರೆ. 90 ವರ್ಷದ ವೃದ್ಧೆ ಅಸ್ವಸ್ಥರಾಗಿದ್ದರು. ತಕ್ಷಣ ಪ್ರಥಮ ಚಿಕಿತ್ಸೆ ನೀಡಿ ಆಂಬುಲೆನ್ಸ್ ಕರೆಸಿದ ಸೊಸೆಯ ಕಾರ್ಯಕ್ಕೆ ವೈದ್ಯರು ಹಾಗೂ ನೆರೆಹೊರೆಯವರು ಮೆಚ್ಚುಗೆ ವ್ಯಕ್ತಪಡಿಸಿದ್ದಾರೆ. 'ಅತ್ತೆ ನನಗೆ ತಾಯಿ ಸಮಾನ' ಎಂದು ಸೊಸೆ ಪ್ರತಿಕ್ರಿಯಿಸಿದರು. ವೃದ್ಧೆಗೆ ತೀವ್ರ ನಿಗಾ ಘಟಕದಲ್ಲಿ ಚಿಕಿತ್ಸೆ ನೀಡಲಾಗುತ್ತಿದ್ದು, ಆರೋಗ್ಯ ಸ್ಥಿರವಾಗಿದೆ ಎಂದು ವೈದ್ಯರು ತಿಳಿಸಿದ್ದಾರೆ. ಕುಟುಂಬದ ಇತರ ಸದಸ್ಯರು ಹೊರಗಿದ್ದ ವೇಳೆ ಘಟನೆ ನಡೆದಿತ್ತು. ಸೊಸೆಯ ಸಮಯಪ್ರಜ್ಞೆಯಿಂದಾಗಿ ಜೀವ ಉಳಿಯಿತು ಎಂದು ಸ್ಥಳೀಯರು ಶ್ಲಾಘಿಸಿದ್ದಾರೆ.
ಕರ್ನಾಟಕ ರಾಜ್ಯ ಕೃಷಿ ಮಾರಾಟ ಮಂಡಳಿ
ನಂ.16, 2ನೇ ರಾಜಭವನ ರಸ್ತೆ, ಬೆಂಗಳೂರು-560001
PH: 080-22867369 E-mail: cgmksamb@gmail.com
https://krishimaratavahini.karnataka.gov.in
ಪತ್ರ ಸಂ: ಕೃಮಾಮಂ/ಇ/ಟೆಂ/35/342/2026-27	ದಿ: 18.04.2026
ಇ-ಟೆಂಡರ್ ಪ್ರಕಟಣೆ
ಕರ್ನಾಟಕ ರಾಜ್ಯ ಕೃಷಿ ಮಾರಾಟ ಮಂಡಳಿಯ ವ್ಯಾಪ್ತಿಯ ಎಪಿಎಂಸಿ ಮಾರುಕಟ್ಟೆಗಳಲ್ಲಿ ಕಾಮಗಾರಿಗಳಿಗೆ ಇ-ಟೆಂಡರ್ ಆಹ್ವಾನಿಸಲಾಗಿದೆ. (kppp.karnataka.gov.in) ನಲ್ಲಿ (INDENT APMC/2025-26/BD/WORK_INDENT918) ರಂತೆ. ಬಿಡ್ ಸಲ್ಲಿಸಲು ಕೊನೆಯ ದಿನಾಂಕ 04.05.2026 ಸಂಜೆ 04.00 ಗಂಟೆ. ತಾಂತ್ರಿಕ ಬಿಡ್ 05.05.2026 ರಂದು ತೆರೆಯಲಾಗುವುದು. Corrigendum/Addendum ಮಾತ್ರ ವೆಬ್‌ಸೈಟ್‌ನಲ್ಲಿ ಪ್ರಕಟಿಸಲಾಗುವುದು.
ಹೆಚ್ಚಿನ ವಿವರಗಳಿಗಾಗಿ ಕಚೇರಿ ವೇಳೆಯಲ್ಲಿ ಸಂಪರ್ಕಿಸಬಹುದು. ಯಾವುದೇ ಟೆಂಡರ್ ತಿರಸ್ಕರಿಸುವ ಹಕ್ಕನ್ನು ಮಂಡಳಿ ಕಾಯ್ದಿರಿಸಿದೆ.
ಸಹಿ/- ಮುಖ್ಯ ಪ್ರಧಾನ ವ್ಯವಸ್ಥಾಪಕರು, ಕೃ.ಮಾ.ಮಂ.ಬೆಂಗಳೂರು
ವಾವಾಪುಸ/ಬೆಂಗಳೂರು/245/2026-27
ಜಿಲ್ಲಾ ಪಂಚಾಯತ್, ತುಮಕೂರು
ಕಾರ್ಯಪಾಲಕ ಇಂಜಿನಿಯರ್‌ರವರ ಕಚೇರಿ, ಪಂಚಾಯತ್ ರಾಜ್ ಇಂಜಿನಿಯರಿಂಗ್ ವಿಭಾಗ-ಮಧುಗಿರಿ
ಇ-ಪ್ರೊಕ್ಯೂರ್‌ಮೆಂಟ್ ಟೆಂಡರ್ ಪ್ರಕಟಣೆ ಸಂಖ್ಯೆ: 01/2025-26 ದಿನಾಂಕ: 13.04.2026
ಕರ್ನಾಟಕ ರಾಜ್ಯಪಾಲರ ಪರವಾಗಿ ಕಾರ್ಯಪಾಲಕ ಇಂಜಿನಿಯರ್, ಪಂಚಾಯತ್ ರಾಜ್ ಇಂಜಿನಿಯರಿಂಗ್ ವಿಭಾಗ, ಮಧುಗಿರಿ ರವರು ಕಾಮಗಾರಿಗಳಿಗೆ ಇ-ಪ್ರೊಕ್ಯೂರ್‌ಮೆಂಟ್ ಮುಖಾಂತರ ಟೆಂಡರ್ ಆಹ್ವಾನಿಸಲಾಗಿದೆ. ಇಂಡೆಂಟ್ ಸಂಖ್ಯೆ: 25854, 25853, 25852, 25851, 25855, 25856, 25858, 25860, 25847, 25842, 25849, 25846, 25859, 25857, 25864, 25832, 25771, 25036, 25035, 25034, 24604, 25471, 25569, 26670, 27572, 22074, 22825, 24114, 26074, 25786, 26615. ದಿನಾಂಕ: 13-04-2026 ರಿಂದ 27-04-2026 ರವರೆಗೆ. ದೂರವಾಣಿ ಸಂಖ್ಯೆ: 080-25501216, 080-25501227 ಹಾಗೂ http://www.eproc.karnataka.gov.in ನಲ್ಲಿ ಪಡೆಯಬಹುದು.
ಸಹಿ/- ಕಾರ್ಯಪಾಲಕ ಇಂಜಿನಿಯರ್, ಪಂ.ರಾ.ಇಂ.ವಿಭಾಗ, ಮಧುಗಿರಿ
DIPR/TUM/25/KSMCA/2026-27
